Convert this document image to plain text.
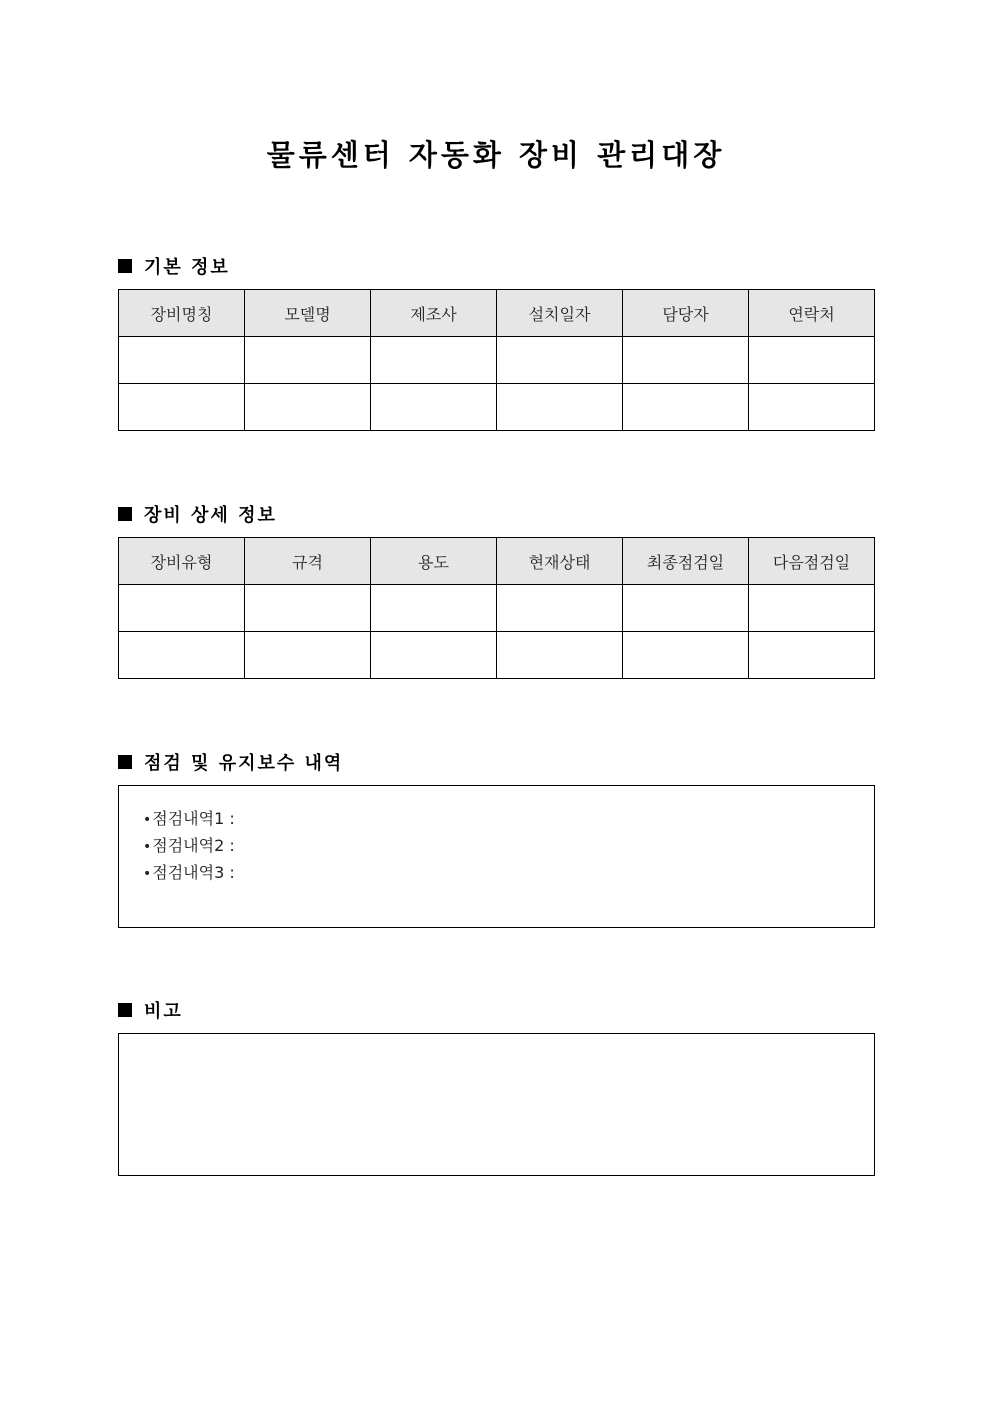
물류센터 자동화 장비 관리대장
기본 정보
장비명칭	모델명	제조사	설치일자	담당자	연락처

장비 상세 정보
장비유형	규격	용도	현재상태	최종점검일	다음점검일

점검 및 유지보수 내역
•점검내역1 :
•점검내역2 :
•점검내역3 :
비고
